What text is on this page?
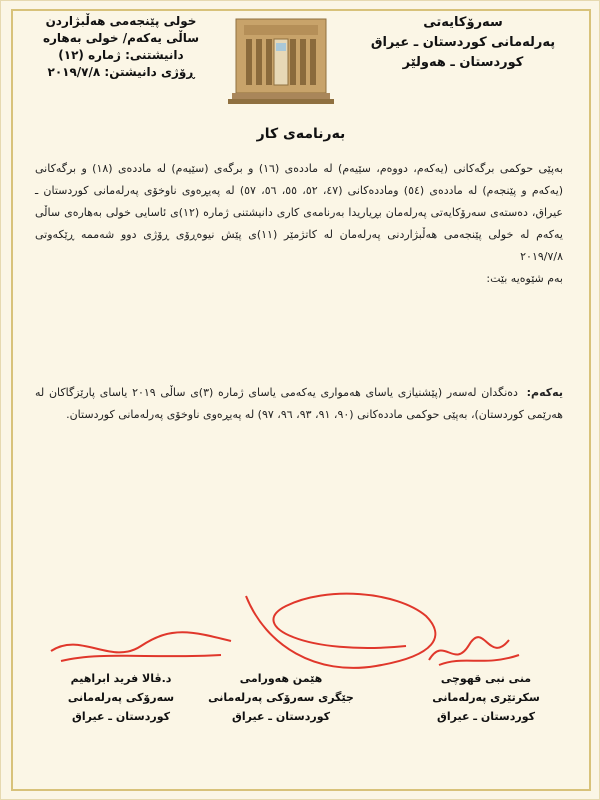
خولی پێنجەمی هەڵبژاردن
ساڵی یەکەم/ خولی بەهارە
دانیشتنی: ژمارە (١٢)
ڕۆژی دانیشتن: ٢٠١٩/٧/٨
سەرۆکایەتی
پەرلەمانی کوردستان ـ عیراق
کوردستان ـ هەولێر
بەرنامەی کار

بەپێی حوکمی برگەکانی (یەکەم، دووەم، سێیەم) لە ماددەی (١٦) و برگەی (سێیەم) لە ماددەی (١٨) و برگەکانی (یەکەم و پێنجەم) لە ماددەی (٥٤) وماددەکانی (٤٧، ٥٢، ٥٥، ٥٦، ٥٧) لە پەیڕەوی ناوخۆی پەرلەمانی کوردستان ـ عیراق، دەستەی سەرۆکایەتی پەرلەمان بڕیاریدا بەرنامەی کاری دانیشتنی ژمارە (١٢)ی ئاسایی خولی بەهارەی ساڵی یەکەم لە خولی پێنجەمی هەڵبژاردنی پەرلەمان لە کاتژمێر (١١)ی پێش نیوەڕۆی ڕۆژی دوو شەممە ڕێکەوتی ٢٠١٩/٧/٨

بەم شێوەیە بێت:

یەکەم: دەنگدان لەسەر (پێشنیازی یاسای هەمواری یەکەمی یاسای ژمارە (٣)ی ساڵی ٢٠١٩ یاسای پارێزگاکان لە هەرێمی کوردستان)، بەپێی حوکمی ماددەکانی (٩٠، ٩١، ٩٣، ٩٦، ٩٧) لە پەیڕەوی ناوخۆی پەرلەمانی کوردستان.
د.ڤالا فرید ابراهیم
سەرۆکی پەرلەمانی
کوردستان ـ عیراق
هێمن هەورامی
جێگری سەرۆکی پەرلەمانی
کوردستان ـ عیراق
منی نبی قهوچی
سکرتێری پەرلەمانی
کوردستان ـ عیراق
